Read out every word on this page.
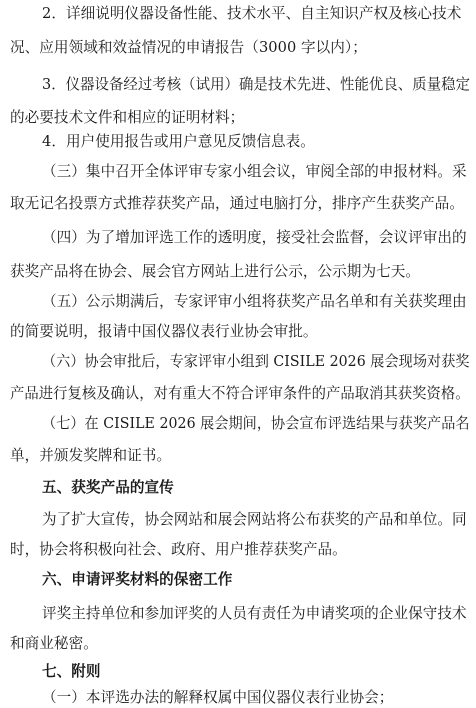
2．详细说明仪器设备性能、技术水平、自主知识产权及核心技术
况、应用领域和效益情况的申请报告（3000 字以内）；
3．仪器设备经过考核（试用）确是技术先进、性能优良、质量稳定
的必要技术文件和相应的证明材料；
4．用户使用报告或用户意见反馈信息表。
（三）集中召开全体评审专家小组会议，审阅全部的申报材料。采
取无记名投票方式推荐获奖产品，通过电脑打分，排序产生获奖产品。
（四）为了增加评选工作的透明度，接受社会监督，会议评审出的
获奖产品将在协会、展会官方网站上进行公示，公示期为七天。
（五）公示期满后，专家评审小组将获奖产品名单和有关获奖理由
的简要说明，报请中国仪器仪表行业协会审批。
（六）协会审批后，专家评审小组到 CISILE 2026 展会现场对获奖
产品进行复核及确认，对有重大不符合评审条件的产品取消其获奖资格。
（七）在 CISILE 2026 展会期间，协会宣布评选结果与获奖产品名
单，并颁发奖牌和证书。
五、获奖产品的宣传
为了扩大宣传，协会网站和展会网站将公布获奖的产品和单位。同
时，协会将积极向社会、政府、用户推荐获奖产品。
六、申请评奖材料的保密工作
评奖主持单位和参加评奖的人员有责任为申请奖项的企业保守技术
和商业秘密。
七、附则
（一）本评选办法的解释权属中国仪器仪表行业协会；
